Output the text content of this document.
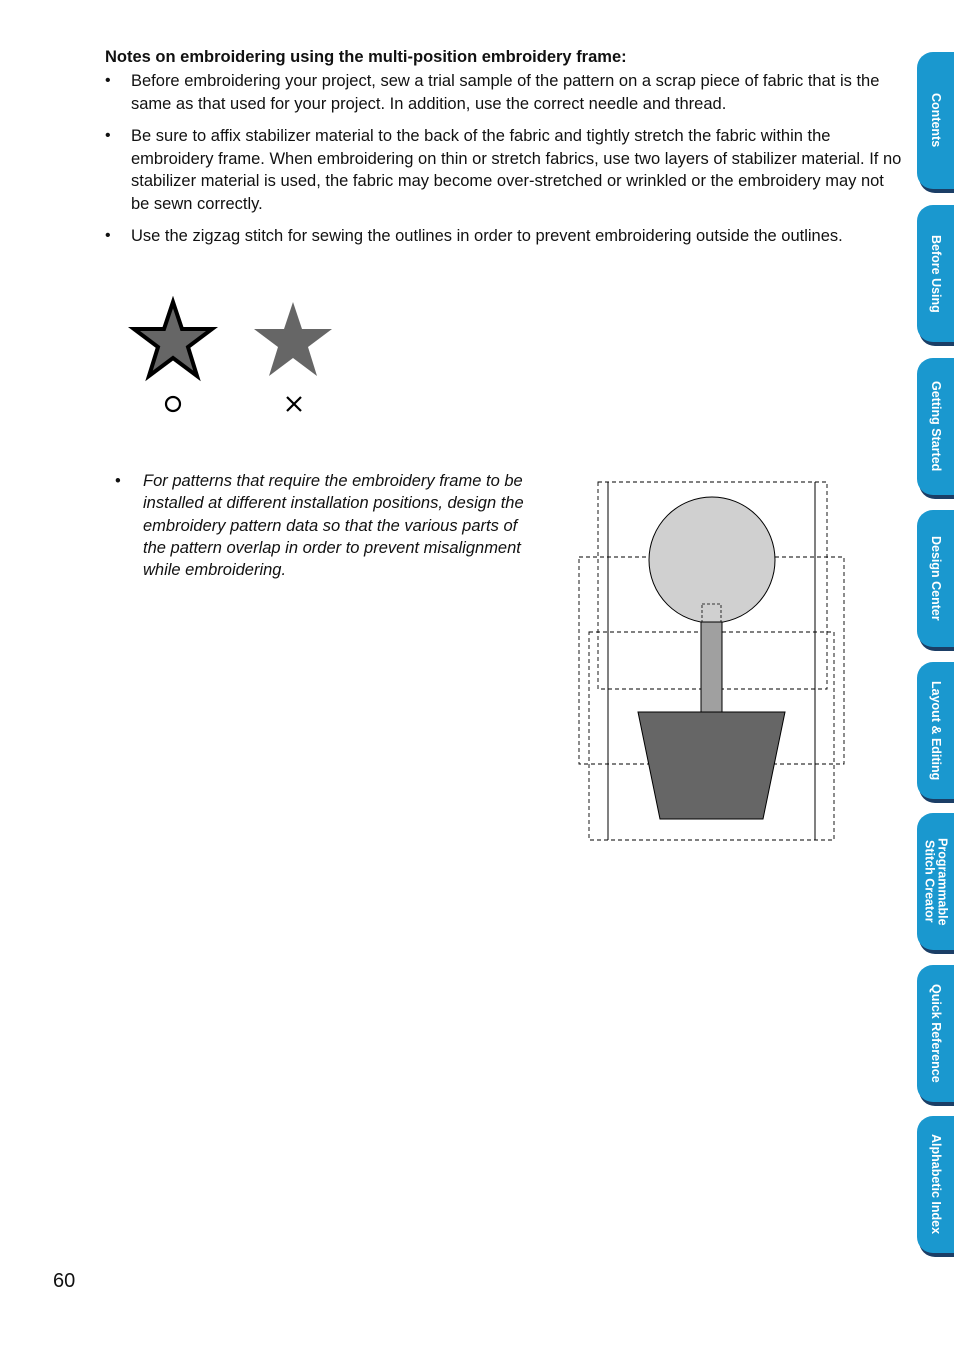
Notes on embroidering using the multi-position embroidery frame:

• Before embroidering your project, sew a trial sample of the pattern on a scrap piece of fabric that is the same as that used for your project. In addition, use the correct needle and thread.
• Be sure to affix stabilizer material to the back of the fabric and tightly stretch the fabric within the embroidery frame. When embroidering on thin or stretch fabrics, use two layers of stabilizer material. If no stabilizer material is used, the fabric may become over-stretched or wrinkled or the embroidery may not be sewn correctly.
• Use the zigzag stitch for sewing the outlines in order to prevent embroidering outside the outlines.
• For patterns that require the embroidery frame to be installed at different installation positions, design the embroidery pattern data so that the various parts of the pattern overlap in order to prevent misalignment while embroidering.
60
Contents
Before Using
Getting Started
Design Center
Layout & Editing
Programmable
Stitch Creator
Quick Reference
Alphabetic Index
